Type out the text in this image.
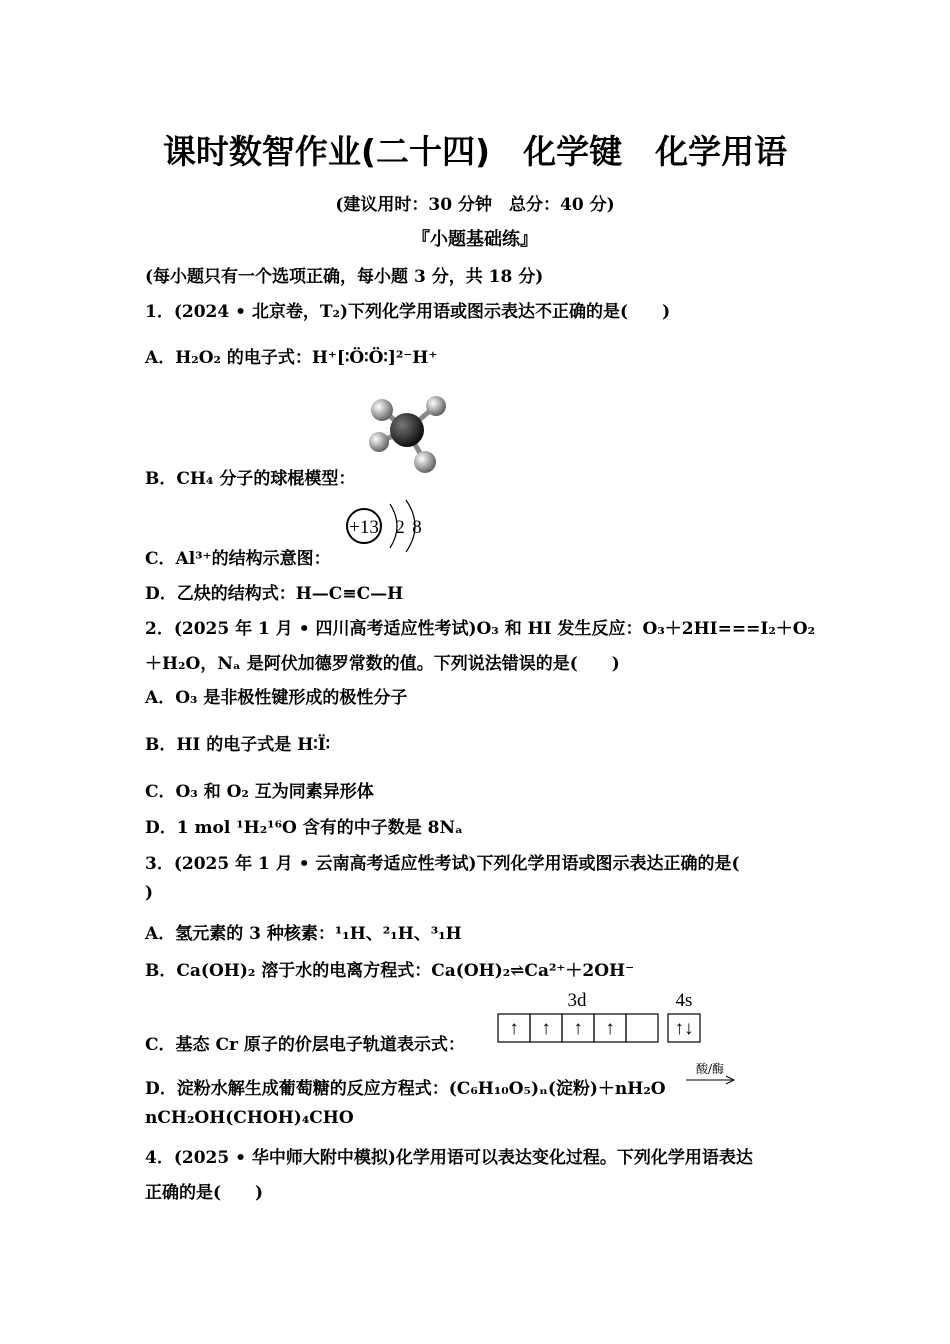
课时数智作业(二十四)　化学键　化学用语
(建议用时：30 分钟　总分：40 分)
『小题基础练』
(每小题只有一个选项正确，每小题 3 分，共 18 分)
1．(2024 • 北京卷，T₂)下列化学用语或图示表达不正确的是(　　)
A．H₂O₂ 的电子式：H⁺[∶Ö∶Ö∶]²⁻H⁺
B．CH₄ 分子的球棍模型：
+13 2 8
C．Al³⁺的结构示意图：
D．乙炔的结构式：H—C≡C—H
2．(2025 年 1 月 • 四川高考适应性考试)O₃ 和 HI 发生反应：O₃＋2HI===I₂＋O₂
＋H₂O，Nₐ 是阿伏加德罗常数的值。下列说法错误的是(　　)
A．O₃ 是非极性键形成的极性分子
B．HI 的电子式是 H∶Ï∶
C．O₃ 和 O₂ 互为同素异形体
D．1 mol ¹H₂¹⁶O 含有的中子数是 8Nₐ
3．(2025 年 1 月 • 云南高考适应性考试)下列化学用语或图示表达正确的是(
)
A．氢元素的 3 种核素：¹₁H、²₁H、³₁H
B．Ca(OH)₂ 溶于水的电离方程式：Ca(OH)₂⇌Ca²⁺＋2OH⁻
C．基态 Cr 原子的价层电子轨道表示式：
3d	4s
↑ ↑ ↑ ↑	↑↓
D．淀粉水解生成葡萄糖的反应方程式：(C₆H₁₀O₅)ₙ(淀粉)＋nH₂O
酸/酶
nCH₂OH(CHOH)₄CHO
4．(2025 • 华中师大附中模拟)化学用语可以表达变化过程。下列化学用语表达
正确的是(　　)
